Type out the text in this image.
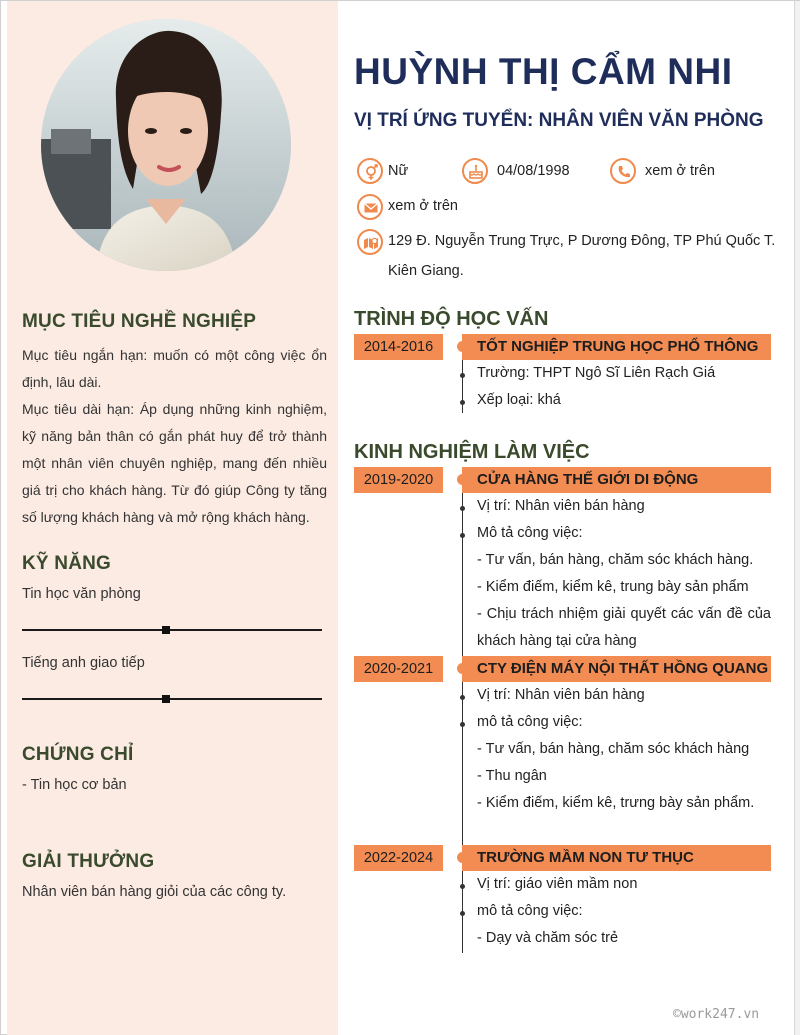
MỤC TIÊU NGHỀ NGHIỆP
Mục tiêu ngắn hạn: muốn có một công việc ổn định, lâu dài.
Mục tiêu dài hạn: Áp dụng những kinh nghiệm, kỹ năng bản thân có gắn phát huy để trở thành một nhân viên chuyên nghiệp, mang đến nhiều giá trị cho khách hàng. Từ đó giúp Công ty tăng số lượng khách hàng và mở rộng khách hàng.
KỸ NĂNG
Tin học văn phòng
Tiếng anh giao tiếp
CHỨNG CHỈ
- Tin học cơ bản
GIẢI THƯỞNG
Nhân viên bán hàng giỏi của các công ty.
HUỲNH THỊ CẨM NHI
VỊ TRÍ ỨNG TUYỂN: NHÂN VIÊN VĂN PHÒNG
Nữ	04/08/1998	xem ở trên
xem ở trên
129 Đ. Nguyễn Trung Trực, P Dương Đông, TP Phú Quốc T.
Kiên Giang.
TRÌNH ĐỘ HỌC VẤN
2014-2016	TỐT NGHIỆP TRUNG HỌC PHỔ THÔNG
Trường: THPT Ngô Sĩ Liên Rạch Giá
Xếp loại: khá
KINH NGHIỆM LÀM VIỆC
2019-2020	CỬA HÀNG THẾ GIỚI DI ĐỘNG
Vị trí: Nhân viên bán hàng
Mô tả công việc:
- Tư vấn, bán hàng, chăm sóc khách hàng.
- Kiểm điếm, kiểm kê, trung bày sản phẩm
- Chịu trách nhiệm giải quyết các vấn đề của khách hàng tại cửa hàng
2020-2021	CTY ĐIỆN MÁY NỘI THẤT HỒNG QUANG
Vị trí: Nhân viên bán hàng
mô tả công việc:
- Tư vấn, bán hàng, chăm sóc khách hàng
- Thu ngân
- Kiểm điếm, kiểm kê, trưng bày sản phẩm.
2022-2024	TRƯỜNG MẦM NON TƯ THỤC
Vị trí: giáo viên mầm non
mô tả công việc:
- Dạy và chăm sóc trẻ
©work247.vn
